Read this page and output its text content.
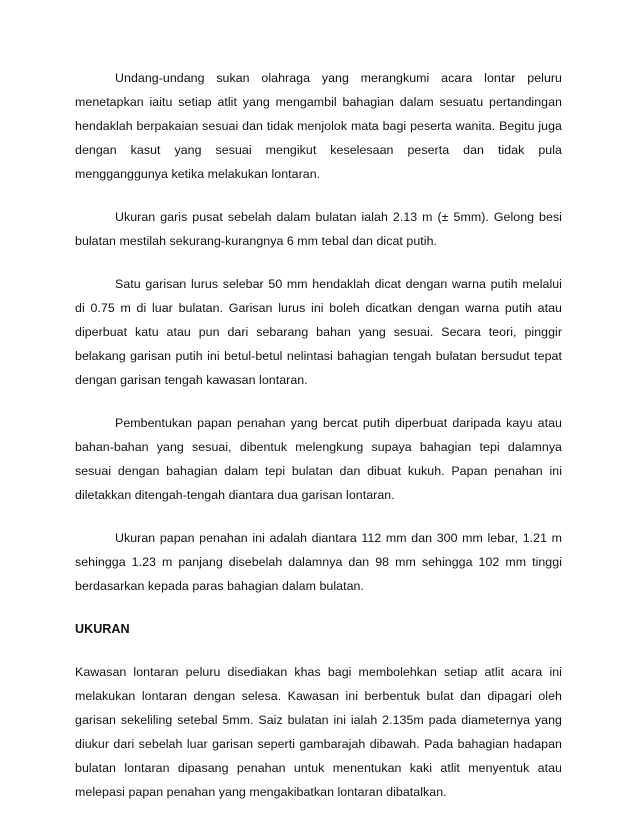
Undang-undang sukan olahraga yang merangkumi acara lontar peluru menetapkan iaitu setiap atlit yang mengambil bahagian dalam sesuatu pertandingan hendaklah berpakaian sesuai dan tidak menjolok mata bagi peserta wanita. Begitu juga dengan kasut yang sesuai mengikut keselesaan peserta dan tidak pula mengganggunya ketika melakukan lontaran.

Ukuran garis pusat sebelah dalam bulatan ialah 2.13 m (± 5mm). Gelong besi bulatan mestilah sekurang-kurangnya 6 mm tebal dan dicat putih.

Satu garisan lurus selebar 50 mm hendaklah dicat dengan warna putih melalui di 0.75 m di luar bulatan. Garisan lurus ini boleh dicatkan dengan warna putih atau diperbuat katu atau pun dari sebarang bahan yang sesuai. Secara teori, pinggir belakang garisan putih ini betul-betul nelintasi bahagian tengah bulatan bersudut tepat dengan garisan tengah kawasan lontaran.

Pembentukan papan penahan yang bercat putih diperbuat daripada kayu atau bahan-bahan yang sesuai, dibentuk melengkung supaya bahagian tepi dalamnya sesuai dengan bahagian dalam tepi bulatan dan dibuat kukuh. Papan penahan ini diletakkan ditengah-tengah diantara dua garisan lontaran.

Ukuran papan penahan ini adalah diantara 112 mm dan 300 mm lebar, 1.21 m sehingga 1.23 m panjang disebelah dalamnya dan 98 mm sehingga 102 mm tinggi berdasarkan kepada paras bahagian dalam bulatan.

UKURAN

Kawasan lontaran peluru disediakan khas bagi membolehkan setiap atlit acara ini melakukan lontaran dengan selesa. Kawasan ini berbentuk bulat dan dipagari oleh garisan sekeliling setebal 5mm. Saiz bulatan ini ialah 2.135m pada diameternya yang diukur dari sebelah luar garisan seperti gambarajah dibawah. Pada bahagian hadapan bulatan lontaran dipasang penahan untuk menentukan kaki atlit menyentuk atau melepasi papan penahan yang mengakibatkan lontaran dibatalkan.
